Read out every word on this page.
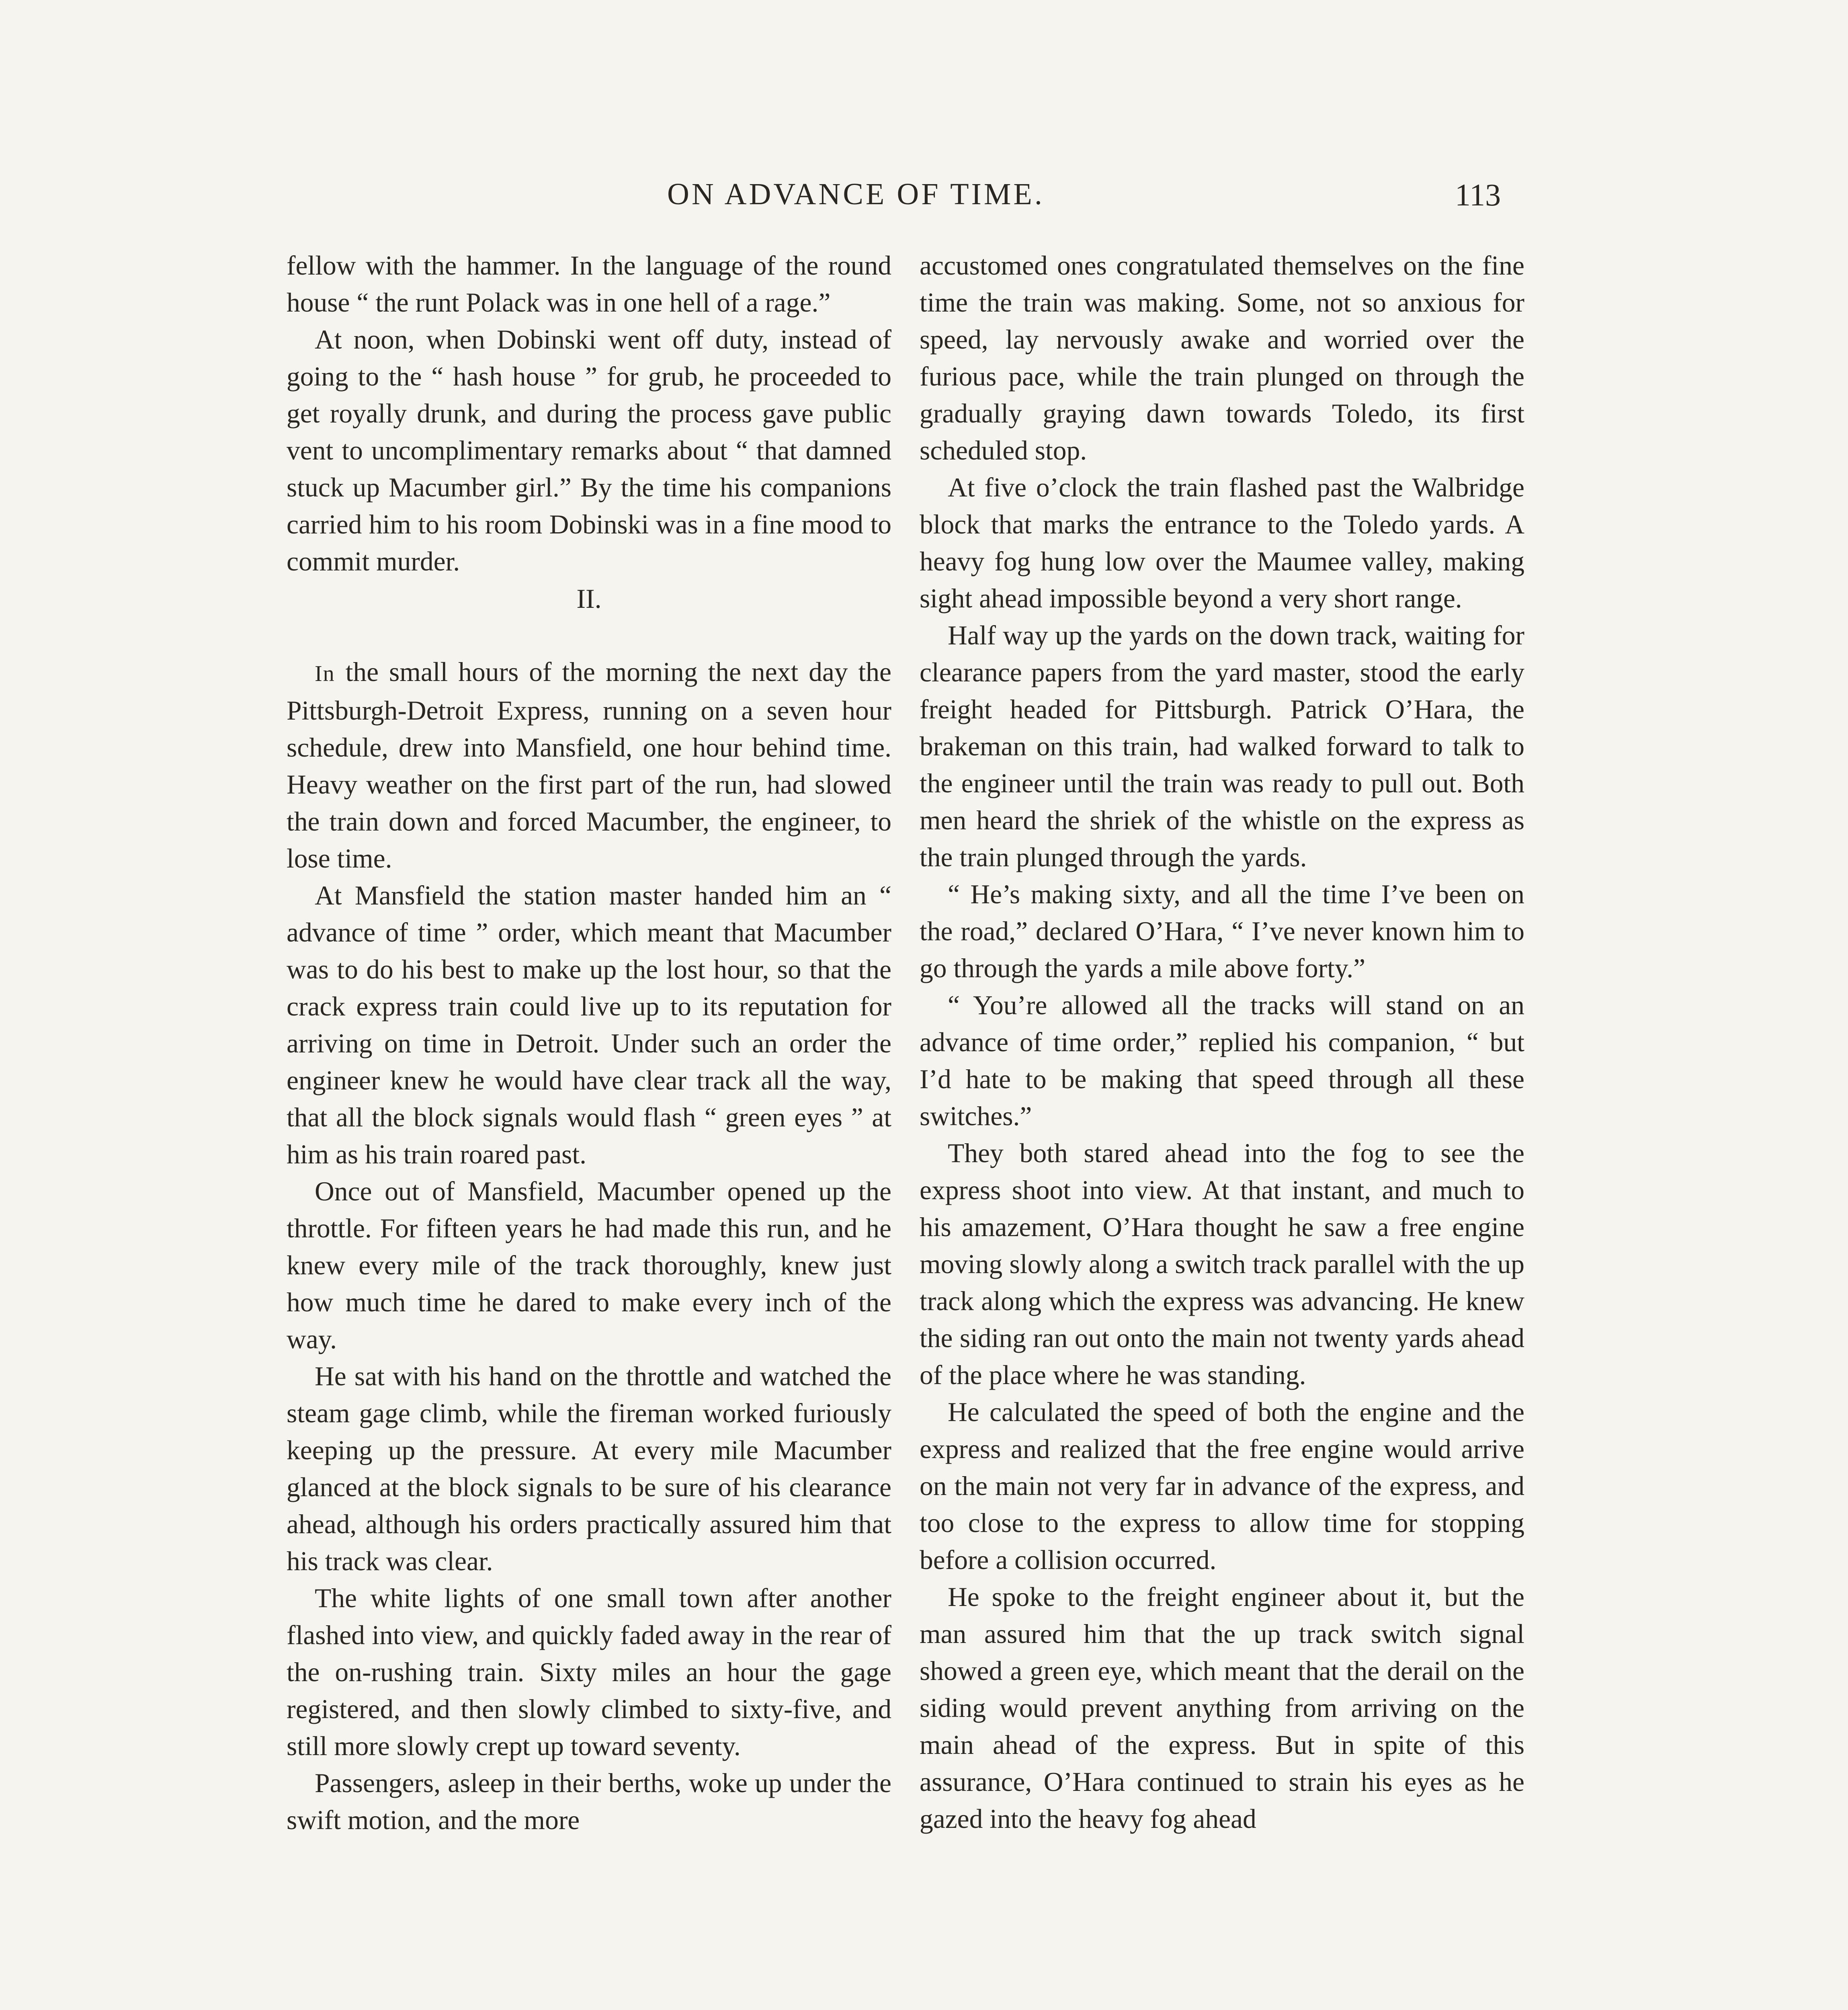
ON ADVANCE OF TIME.	113

fellow with the hammer. In the language of the round house “ the runt Polack was in one hell of a rage.”

At noon, when Dobinski went off duty, instead of going to the “ hash house ” for grub, he proceeded to get royally drunk, and during the process gave public vent to uncomplimentary remarks about “ that damned stuck up Macumber girl.” By the time his companions carried him to his room Dobinski was in a fine mood to commit murder.

II.

In the small hours of the morning the next day the Pittsburgh-Detroit Express, running on a seven hour schedule, drew into Mansfield, one hour behind time. Heavy weather on the first part of the run, had slowed the train down and forced Macumber, the engineer, to lose time.

At Mansfield the station master handed him an “ advance of time ” order, which meant that Macumber was to do his best to make up the lost hour, so that the crack express train could live up to its reputation for arriving on time in Detroit. Under such an order the engineer knew he would have clear track all the way, that all the block signals would flash “ green eyes ” at him as his train roared past.

Once out of Mansfield, Macumber opened up the throttle. For fifteen years he had made this run, and he knew every mile of the track thoroughly, knew just how much time he dared to make every inch of the way.

He sat with his hand on the throttle and watched the steam gage climb, while the fireman worked furiously keeping up the pressure. At every mile Macumber glanced at the block signals to be sure of his clearance ahead, although his orders practically assured him that his track was clear.

The white lights of one small town after another flashed into view, and quickly faded away in the rear of the on-rushing train. Sixty miles an hour the gage registered, and then slowly climbed to sixty-five, and still more slowly crept up toward seventy.

Passengers, asleep in their berths, woke up under the swift motion, and the more

accustomed ones congratulated themselves on the fine time the train was making. Some, not so anxious for speed, lay nervously awake and worried over the furious pace, while the train plunged on through the gradually graying dawn towards Toledo, its first scheduled stop.

At five o’clock the train flashed past the Walbridge block that marks the entrance to the Toledo yards. A heavy fog hung low over the Maumee valley, making sight ahead impossible beyond a very short range.

Half way up the yards on the down track, waiting for clearance papers from the yard master, stood the early freight headed for Pittsburgh. Patrick O’Hara, the brakeman on this train, had walked forward to talk to the engineer until the train was ready to pull out. Both men heard the shriek of the whistle on the express as the train plunged through the yards.

“ He’s making sixty, and all the time I’ve been on the road,” declared O’Hara, “ I’ve never known him to go through the yards a mile above forty.”

“ You’re allowed all the tracks will stand on an advance of time order,” replied his companion, “ but I’d hate to be making that speed through all these switches.”

They both stared ahead into the fog to see the express shoot into view. At that instant, and much to his amazement, O’Hara thought he saw a free engine moving slowly along a switch track parallel with the up track along which the express was advancing. He knew the siding ran out onto the main not twenty yards ahead of the place where he was standing.

He calculated the speed of both the engine and the express and realized that the free engine would arrive on the main not very far in advance of the express, and too close to the express to allow time for stopping before a collision occurred.

He spoke to the freight engineer about it, but the man assured him that the up track switch signal showed a green eye, which meant that the derail on the siding would prevent anything from arriving on the main ahead of the express. But in spite of this assurance, O’Hara continued to strain his eyes as he gazed into the heavy fog ahead
